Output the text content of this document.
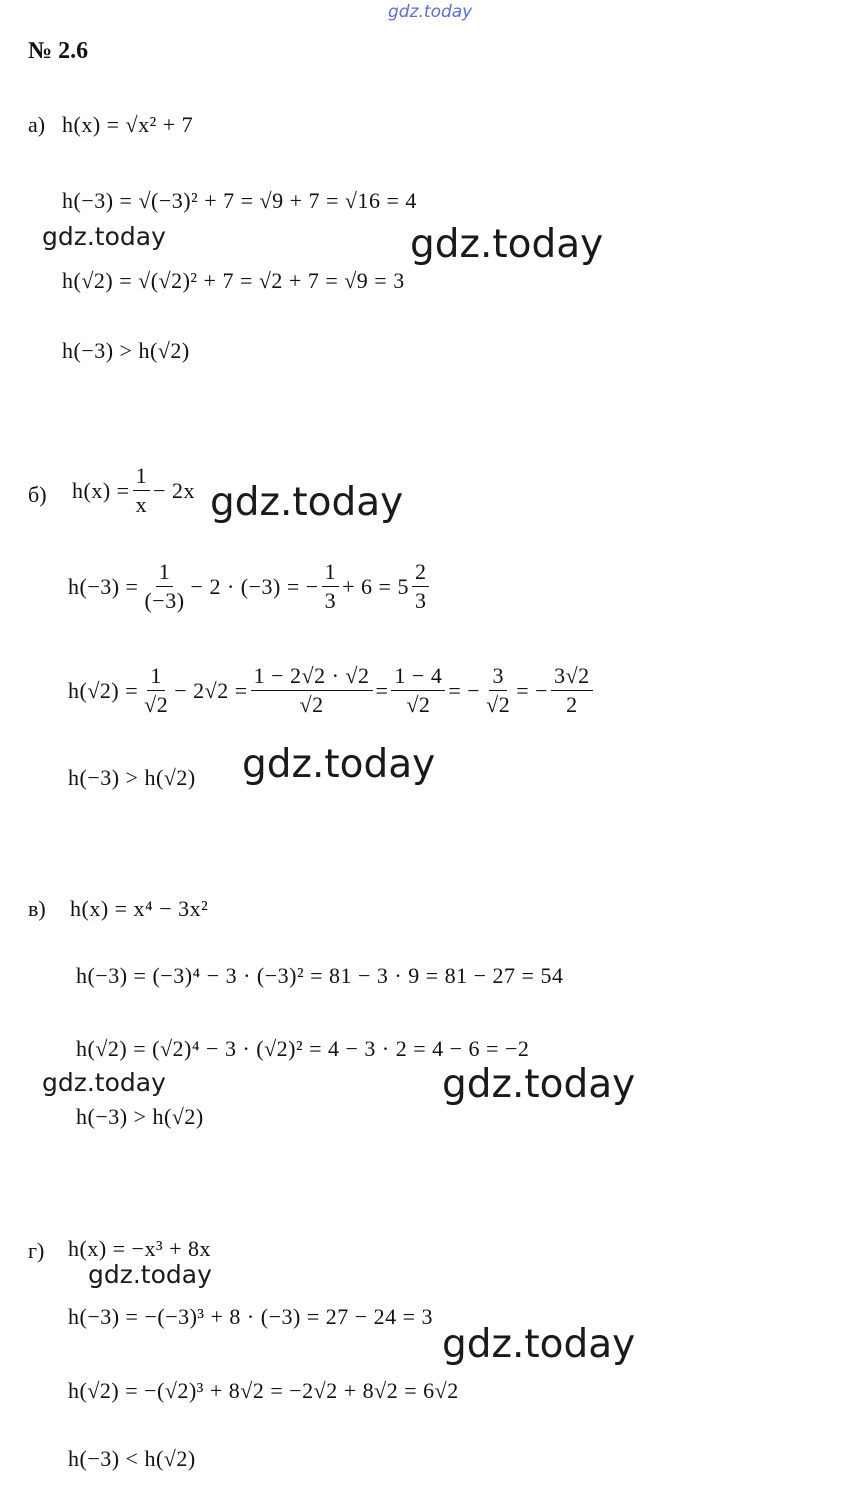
gdz.today
№ 2.6
а) h(x) = √x² + 7
h(−3) = √(−3)² + 7 = √9 + 7 = √16 = 4
h(√2) = √(√2)² + 7 = √2 + 7 = √9 = 3
h(−3) > h(√2)
gdz.today	gdz.today
б) $h(x) = \frac{1}{x} - 2x$ gdz.today
$h(-3) = \frac{1}{(-3)} - 2 \cdot (-3)$ = − $\frac{1}{3} + 6 = 5 \frac{2}{3}$
$h(√2) = \frac{1}{√2} - 2√2 = \frac{1 - 2√2 \cdot √2}{√2} = \frac{1 - 4}{√2}$ = − $\frac{3}{√2}$ = − $\frac{3√2}{2}$
h(−3) > h(√2) gdz.today
в) h(x) = x⁴ − 3x²
h(−3) = (−3)⁴ − 3 · (−3)² = 81 − 3 · 9 = 81 − 27 = 54
h(√2) = (√2)⁴ − 3 · (√2)² = 4 − 3 · 2 = 4 − 6 = −2
gdz.today	gdz.today
h(−3) > h(√2)
г) h(x) = −x³ + 8x
gdz.today
h(−3) = −(−3)³ + 8 · (−3) = 27 − 24 = 3
gdz.today
h(√2) = −(√2)³ + 8√2 = −2√2 + 8√2 = 6√2
h(−3) < h(√2)
